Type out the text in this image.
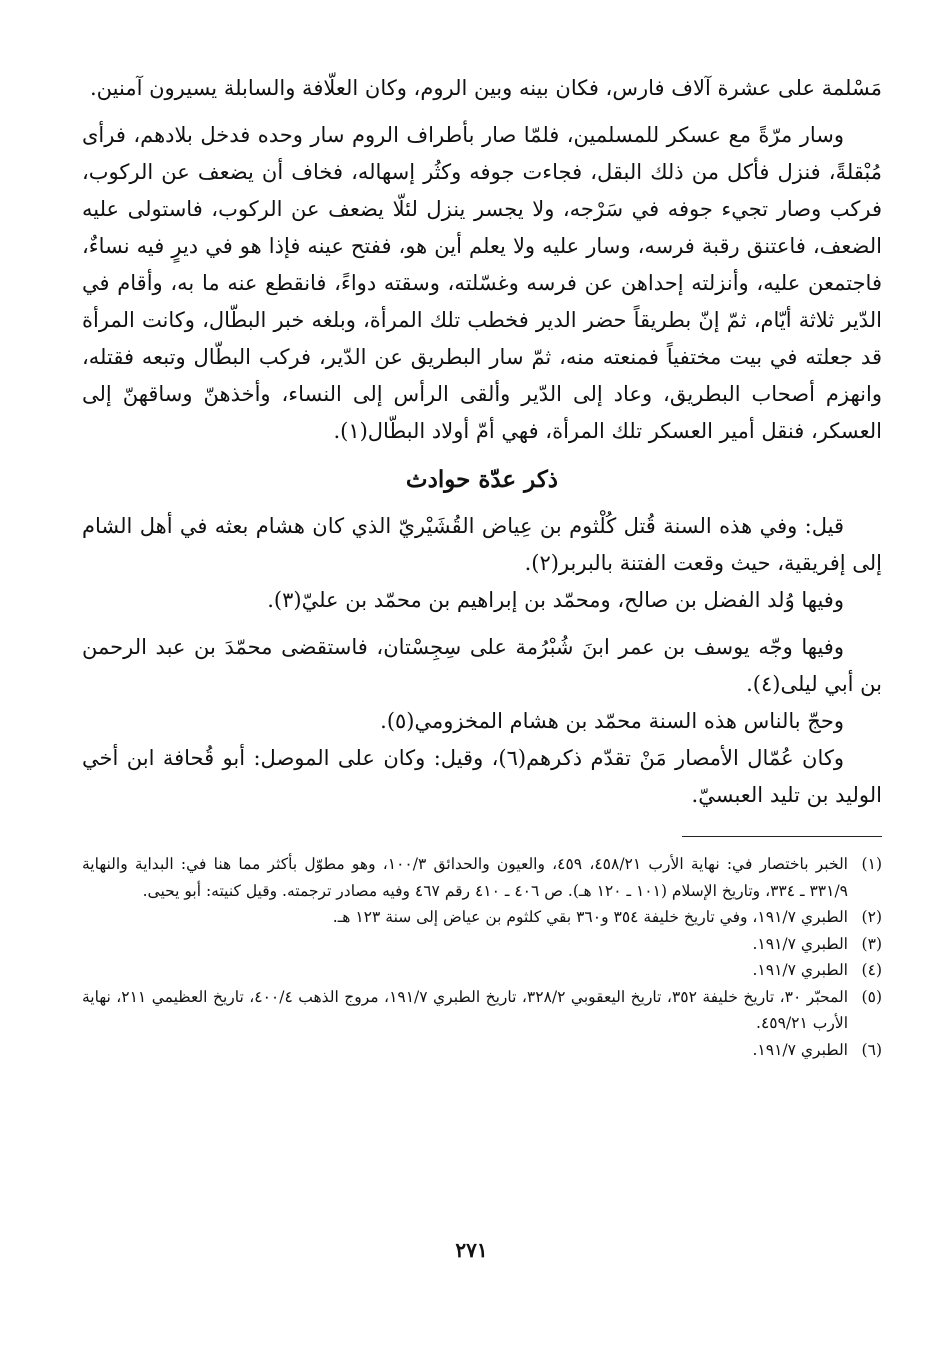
مَسْلمة على عشرة آلاف فارس، فكان بينه وبين الروم، وكان العلّافة والسابلة يسيرون آمنين.

وسار مرّةً مع عسكر للمسلمين، فلمّا صار بأطراف الروم سار وحده فدخل بلادهم، فرأى مُبْقلةً، فنزل فأكل من ذلك البقل، فجاءت جوفه وكثُر إسهاله، فخاف أن يضعف عن الركوب، فركب وصار تجيء جوفه في سَرْجه، ولا يجسر ينزل لئلّا يضعف عن الركوب، فاستولى عليه الضعف، فاعتنق رقبة فرسه، وسار عليه ولا يعلم أين هو، ففتح عينه فإذا هو في ديرٍ فيه نساءٌ، فاجتمعن عليه، وأنزلته إحداهن عن فرسه وغسّلته، وسقته دواءً، فانقطع عنه ما به، وأقام في الدّير ثلاثة أيّام، ثمّ إنّ بطريقاً حضر الدير فخطب تلك المرأة، وبلغه خبر البطّال، وكانت المرأة قد جعلته في بيت مختفياً فمنعته منه، ثمّ سار البطريق عن الدّير، فركب البطّال وتبعه فقتله، وانهزم أصحاب البطريق، وعاد إلى الدّير وألقى الرأس إلى النساء، وأخذهنّ وساقهنّ إلى العسكر، فنقل أمير العسكر تلك المرأة، فهي أمّ أولاد البطّال(١).

ذكر عدّة حوادث

قيل: وفي هذه السنة قُتل كُلْثوم بن عِياض القُشَيْريّ الذي كان هشام بعثه في أهل الشام إلى إفريقية، حيث وقعت الفتنة بالبربر(٢).

وفيها وُلد الفضل بن صالح، ومحمّد بن إبراهيم بن محمّد بن عليّ(٣).

وفيها وجّه يوسف بن عمر ابنَ شُبْرُمة على سِجِسْتان، فاستقضى محمّدَ بن عبد الرحمن بن أبي ليلى(٤).

وحجّ بالناس هذه السنة محمّد بن هشام المخزومي(٥).

وكان عُمّال الأمصار مَنْ تقدّم ذكرهم(٦)، وقيل: وكان على الموصل: أبو قُحافة ابن أخي الوليد بن تليد العبسيّ.

(١)
الخبر باختصار في: نهاية الأرب ٤٥٨/٢١، ٤٥٩، والعيون والحدائق ١٠٠/٣، وهو مطوّل بأكثر مما هنا في: البداية والنهاية ٣٣١/٩ ـ ٣٣٤، وتاريخ الإسلام (١٠١ ـ ١٢٠ هـ). ص ٤٠٦ ـ ٤١٠ رقم ٤٦٧ وفيه مصادر ترجمته. وقيل كنيته: أبو يحيى.
(٢)
الطبري ١٩١/٧، وفي تاريخ خليفة ٣٥٤ و٣٦٠ بقي كلثوم بن عياض إلى سنة ١٢٣ هـ.
(٣)
الطبري ١٩١/٧.
(٤)
الطبري ١٩١/٧.
(٥)
المحبّر ٣٠، تاريخ خليفة ٣٥٢، تاريخ اليعقوبي ٣٢٨/٢، تاريخ الطبري ١٩١/٧، مروج الذهب ٤٠٠/٤، تاريخ العظيمي ٢١١، نهاية الأرب ٤٥٩/٢١.
(٦)
الطبري ١٩١/٧.
٢٧١
